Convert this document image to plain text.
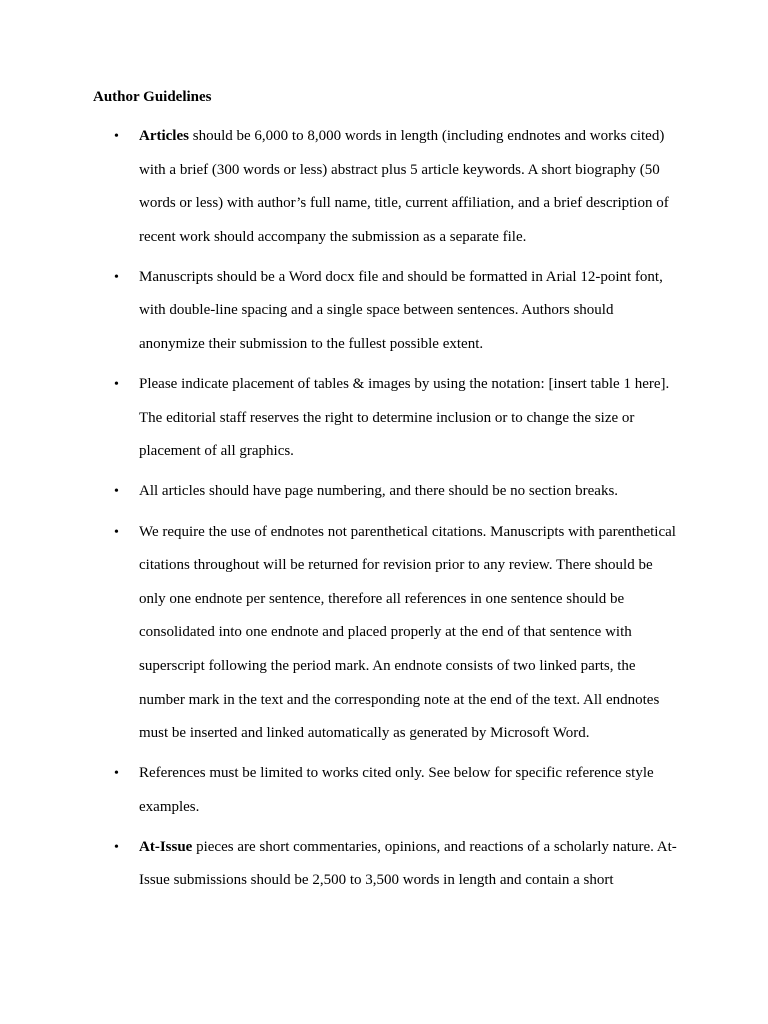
Author Guidelines
• Articles should be 6,000 to 8,000 words in length (including endnotes and works cited) with a brief (300 words or less) abstract plus 5 article keywords. A short biography (50 words or less) with author’s full name, title, current affiliation, and a brief description of recent work should accompany the submission as a separate file.
• Manuscripts should be a Word docx file and should be formatted in Arial 12-point font, with double-line spacing and a single space between sentences. Authors should anonymize their submission to the fullest possible extent.
• Please indicate placement of tables & images by using the notation: [insert table 1 here]. The editorial staff reserves the right to determine inclusion or to change the size or placement of all graphics.
• All articles should have page numbering, and there should be no section breaks.
• We require the use of endnotes not parenthetical citations. Manuscripts with parenthetical citations throughout will be returned for revision prior to any review. There should be only one endnote per sentence, therefore all references in one sentence should be consolidated into one endnote and placed properly at the end of that sentence with superscript following the period mark. An endnote consists of two linked parts, the number mark in the text and the corresponding note at the end of the text. All endnotes must be inserted and linked automatically as generated by Microsoft Word.
• References must be limited to works cited only. See below for specific reference style examples.
• At-Issue pieces are short commentaries, opinions, and reactions of a scholarly nature. At-Issue submissions should be 2,500 to 3,500 words in length and contain a short
